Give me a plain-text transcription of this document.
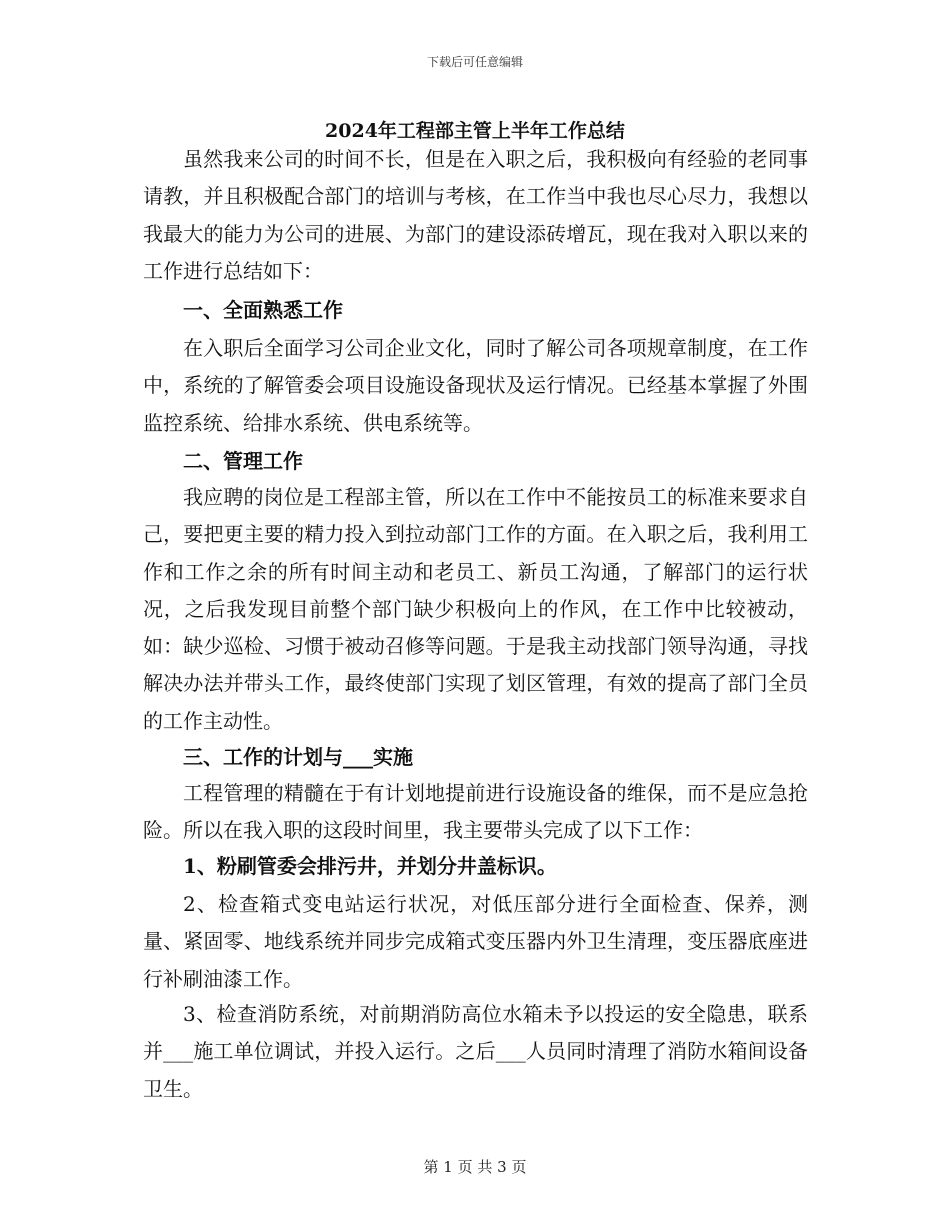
下载后可任意编辑
2024年工程部主管上半年工作总结

虽然我来公司的时间不长，但是在入职之后，我积极向有经验的老同事请教，并且积极配合部门的培训与考核，在工作当中我也尽心尽力，我想以我最大的能力为公司的进展、为部门的建设添砖增瓦，现在我对入职以来的工作进行总结如下：

一、全面熟悉工作

在入职后全面学习公司企业文化，同时了解公司各项规章制度，在工作中，系统的了解管委会项目设施设备现状及运行情况。已经基本掌握了外围监控系统、给排水系统、供电系统等。

二、管理工作

我应聘的岗位是工程部主管，所以在工作中不能按员工的标准来要求自己，要把更主要的精力投入到拉动部门工作的方面。在入职之后，我利用工作和工作之余的所有时间主动和老员工、新员工沟通，了解部门的运行状况，之后我发现目前整个部门缺少积极向上的作风，在工作中比较被动，如：缺少巡检、习惯于被动召修等问题。于是我主动找部门领导沟通，寻找解决办法并带头工作，最终使部门实现了划区管理，有效的提高了部门全员的工作主动性。

三、工作的计划与___实施

工程管理的精髓在于有计划地提前进行设施设备的维保，而不是应急抢险。所以在我入职的这段时间里，我主要带头完成了以下工作：

1、粉刷管委会排污井，并划分井盖标识。

2、检查箱式变电站运行状况，对低压部分进行全面检查、保养，测量、紧固零、地线系统并同步完成箱式变压器内外卫生清理，变压器底座进行补刷油漆工作。

3、检查消防系统，对前期消防高位水箱未予以投运的安全隐患，联系并___施工单位调试，并投入运行。之后___人员同时清理了消防水箱间设备卫生。

第 1 页 共 3 页
